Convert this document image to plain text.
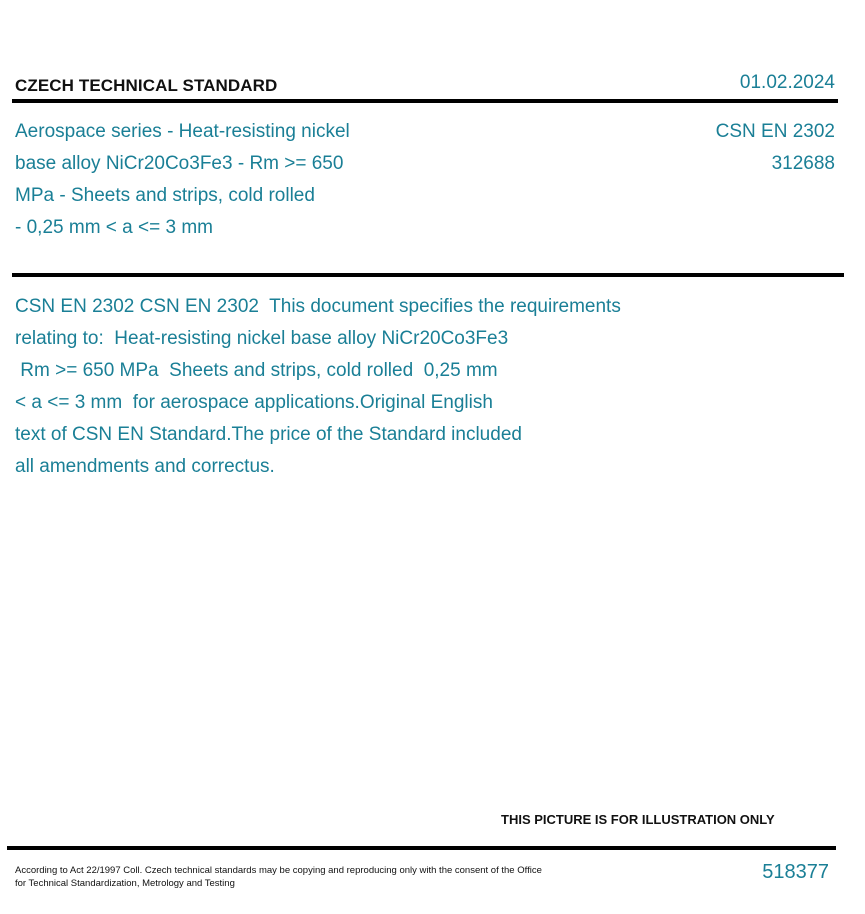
CZECH TECHNICAL STANDARD	01.02.2024
Aerospace series - Heat-resisting nickel
base alloy NiCr20Co3Fe3 - Rm >= 650
MPa - Sheets and strips, cold rolled
- 0,25 mm < a <= 3 mm
CSN EN 2302
312688
CSN EN 2302 CSN EN 2302  This document specifies the requirements
relating to:  Heat-resisting nickel base alloy NiCr20Co3Fe3
Rm >= 650 MPa  Sheets and strips, cold rolled  0,25 mm
< a <= 3 mm  for aerospace applications.Original English
text of CSN EN Standard.The price of the Standard included
all amendments and correctus.
THIS PICTURE IS FOR ILLUSTRATION ONLY
According to Act 22/1997 Coll. Czech technical standards may be copying and reproducing only with the consent of the Office
for Technical Standardization, Metrology and Testing
518377
